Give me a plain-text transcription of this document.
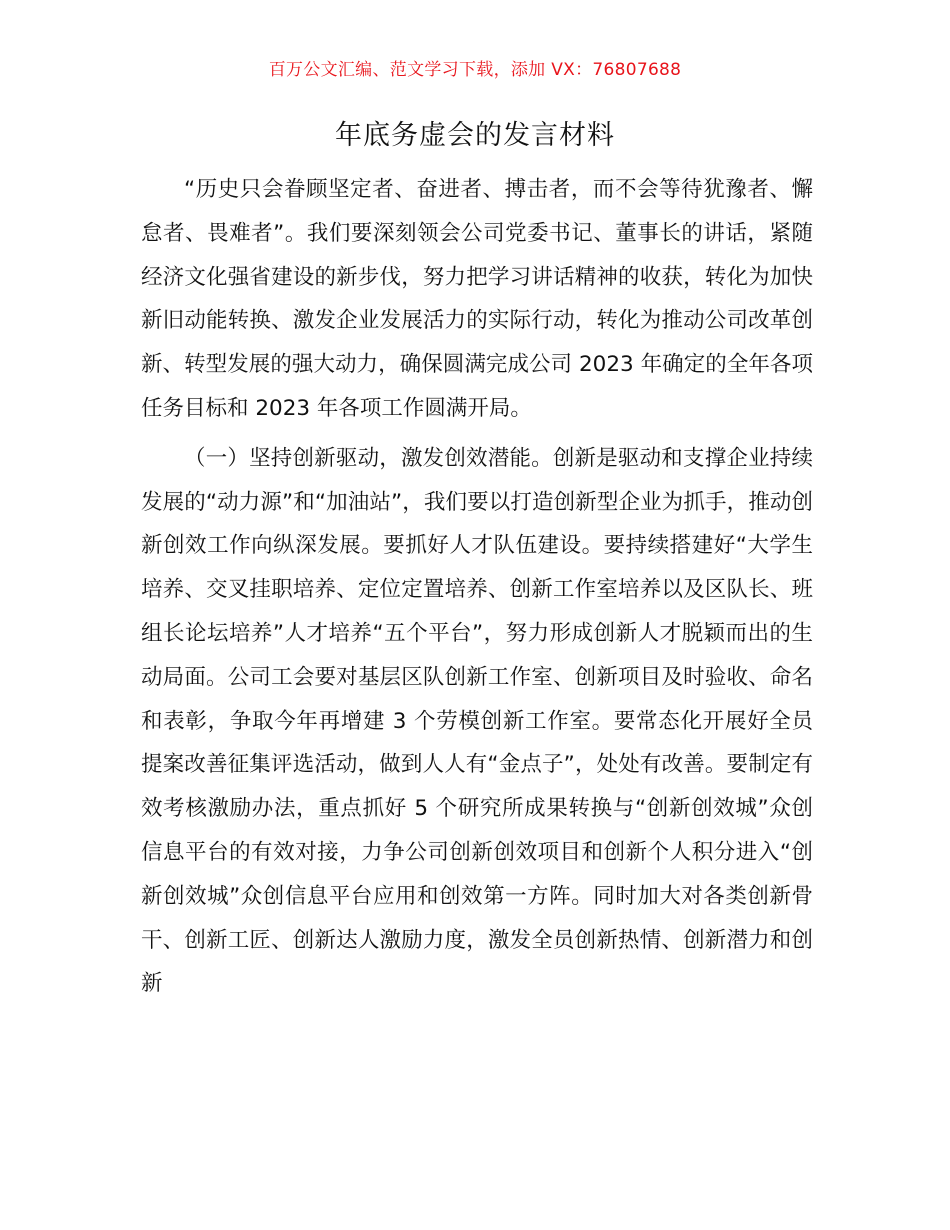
百万公文汇编、范文学习下载，添加 VX：76807688
年底务虚会的发言材料

“历史只会眷顾坚定者、奋进者、搏击者，而不会等待犹豫者、懈怠者、畏难者”。我们要深刻领会公司党委书记、董事长的讲话，紧随经济文化强省建设的新步伐，努力把学习讲话精神的收获，转化为加快新旧动能转换、激发企业发展活力的实际行动，转化为推动公司改革创新、转型发展的强大动力，确保圆满完成公司 2023 年确定的全年各项任务目标和 2023 年各项工作圆满开局。

（一）坚持创新驱动，激发创效潜能。创新是驱动和支撑企业持续发展的“动力源”和“加油站”，我们要以打造创新型企业为抓手，推动创新创效工作向纵深发展。要抓好人才队伍建设。要持续搭建好“大学生培养、交叉挂职培养、定位定置培养、创新工作室培养以及区队长、班组长论坛培养”人才培养“五个平台”，努力形成创新人才脱颖而出的生动局面。公司工会要对基层区队创新工作室、创新项目及时验收、命名和表彰，争取今年再增建 3 个劳模创新工作室。要常态化开展好全员提案改善征集评选活动，做到人人有“金点子”，处处有改善。要制定有效考核激励办法，重点抓好 5 个研究所成果转换与“创新创效城”众创信息平台的有效对接，力争公司创新创效项目和创新个人积分进入“创新创效城”众创信息平台应用和创效第一方阵。同时加大对各类创新骨干、创新工匠、创新达人激励力度，激发全员创新热情、创新潜力和创新
